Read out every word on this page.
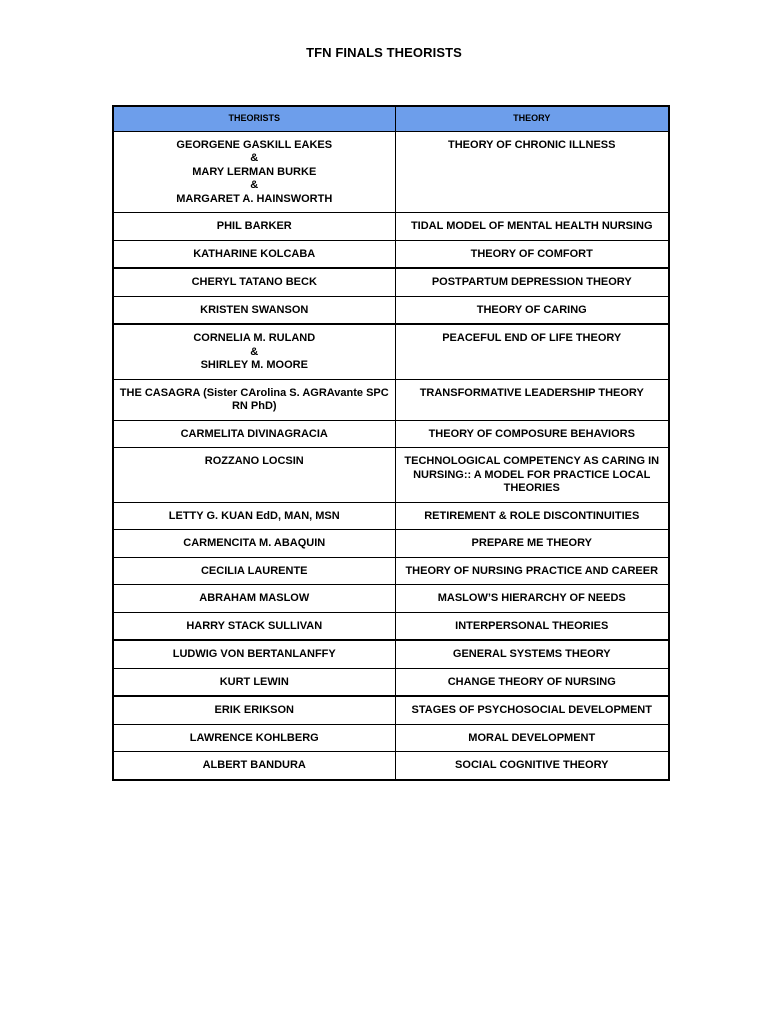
TFN FINALS THEORISTS
THEORISTS	THEORY
GEORGENE GASKILL EAKES
&
MARY LERMAN BURKE
&
MARGARET A. HAINSWORTH	THEORY OF CHRONIC ILLNESS
PHIL BARKER	TIDAL MODEL OF MENTAL HEALTH NURSING
KATHARINE KOLCABA	THEORY OF COMFORT
CHERYL TATANO BECK	POSTPARTUM DEPRESSION THEORY
KRISTEN SWANSON	THEORY OF CARING
CORNELIA M. RULAND
&
SHIRLEY M. MOORE	PEACEFUL END OF LIFE THEORY
THE CASAGRA (Sister CArolina S. AGRAvante SPC RN PhD)	TRANSFORMATIVE LEADERSHIP THEORY
CARMELITA DIVINAGRACIA	THEORY OF COMPOSURE BEHAVIORS
ROZZANO LOCSIN	TECHNOLOGICAL COMPETENCY AS CARING IN NURSING:: A MODEL FOR PRACTICE LOCAL THEORIES
LETTY G. KUAN EdD, MAN, MSN	RETIREMENT & ROLE DISCONTINUITIES
CARMENCITA M. ABAQUIN	PREPARE ME THEORY
CECILIA LAURENTE	THEORY OF NURSING PRACTICE AND CAREER
ABRAHAM MASLOW	MASLOW’S HIERARCHY OF NEEDS
HARRY STACK SULLIVAN	INTERPERSONAL THEORIES
LUDWIG VON BERTANLANFFY	GENERAL SYSTEMS THEORY
KURT LEWIN	CHANGE THEORY OF NURSING
ERIK ERIKSON	STAGES OF PSYCHOSOCIAL DEVELOPMENT
LAWRENCE KOHLBERG	MORAL DEVELOPMENT
ALBERT BANDURA	SOCIAL COGNITIVE THEORY
